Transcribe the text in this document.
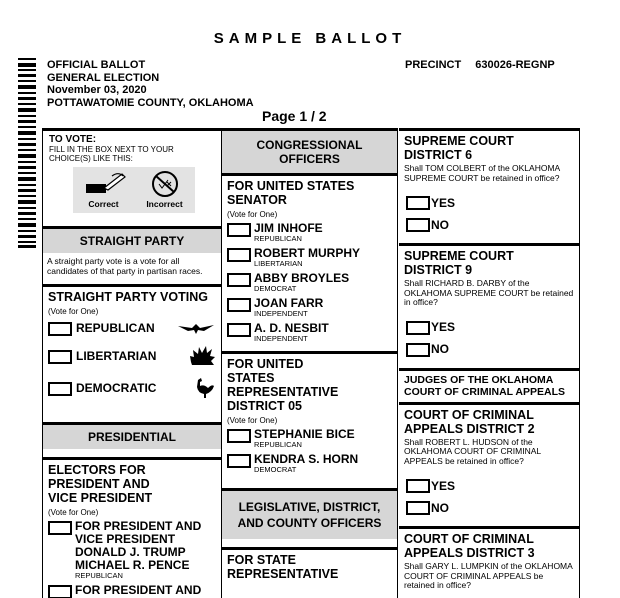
SAMPLE BALLOT
OFFICIAL BALLOT
GENERAL ELECTION
November 03, 2020
POTTAWATOMIE COUNTY, OKLAHOMA
PRECINCT 630026-REGNP
Page 1 / 2
TO VOTE:
FILL IN THE BOX NEXT TO YOUR CHOICE(S) LIKE THIS:
Correct	Incorrect
STRAIGHT PARTY
A straight party vote is a vote for all candidates of that party in partisan races.
STRAIGHT PARTY VOTING
(Vote for One)
REPUBLICAN
LIBERTARIAN
DEMOCRATIC
PRESIDENTIAL
ELECTORS FOR PRESIDENT AND VICE PRESIDENT
(Vote for One)
FOR PRESIDENT AND VICE PRESIDENT DONALD J. TRUMP MICHAEL R. PENCE
REPUBLICAN
FOR PRESIDENT AND
CONGRESSIONAL OFFICERS
FOR UNITED STATES SENATOR
(Vote for One)
JIM INHOFE
REPUBLICAN
ROBERT MURPHY
LIBERTARIAN
ABBY BROYLES
DEMOCRAT
JOAN FARR
INDEPENDENT
A. D. NESBIT
INDEPENDENT
FOR UNITED STATES REPRESENTATIVE DISTRICT 05
(Vote for One)
STEPHANIE BICE
REPUBLICAN
KENDRA S. HORN
DEMOCRAT
LEGISLATIVE, DISTRICT, AND COUNTY OFFICERS
FOR STATE REPRESENTATIVE
SUPREME COURT DISTRICT 6
Shall TOM COLBERT of the OKLAHOMA SUPREME COURT be retained in office?
YES
NO
SUPREME COURT DISTRICT 9
Shall RICHARD B. DARBY of the OKLAHOMA SUPREME COURT be retained in office?
YES
NO
JUDGES OF THE OKLAHOMA COURT OF CRIMINAL APPEALS
COURT OF CRIMINAL APPEALS DISTRICT 2
Shall ROBERT L. HUDSON of the OKLAHOMA COURT OF CRIMINAL APPEALS be retained in office?
YES
NO
COURT OF CRIMINAL APPEALS DISTRICT 3
Shall GARY L. LUMPKIN of the OKLAHOMA COURT OF CRIMINAL APPEALS be retained in office?
